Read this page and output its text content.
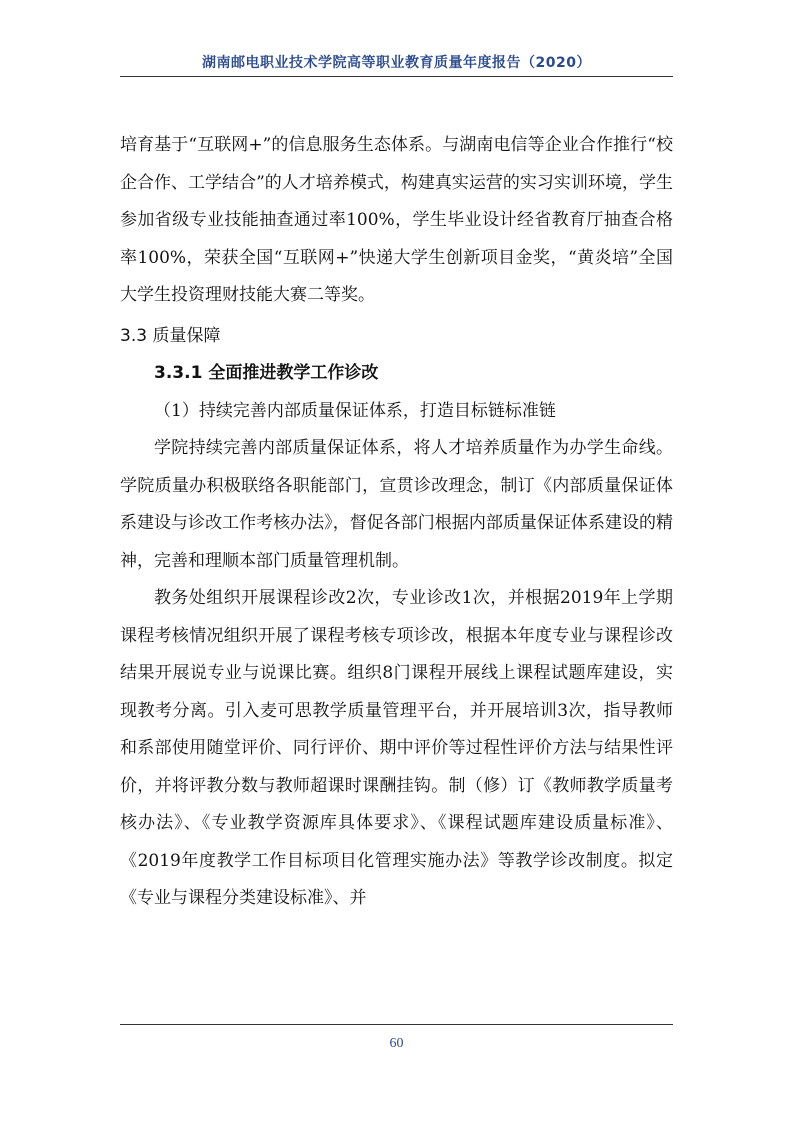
湖南邮电职业技术学院高等职业教育质量年度报告（2020）

培育基于“互联网+”的信息服务生态体系。与湖南电信等企业合作推行“校企合作、工学结合”的人才培养模式，构建真实运营的实习实训环境，学生参加省级专业技能抽查通过率100%，学生毕业设计经省教育厅抽查合格率100%，荣获全国“互联网+”快递大学生创新项目金奖，“黄炎培”全国大学生投资理财技能大赛二等奖。

3.3 质量保障

3.3.1 全面推进教学工作诊改

（1）持续完善内部质量保证体系，打造目标链标准链

学院持续完善内部质量保证体系，将人才培养质量作为办学生命线。学院质量办积极联络各职能部门，宣贯诊改理念，制订《内部质量保证体系建设与诊改工作考核办法》，督促各部门根据内部质量保证体系建设的精神，完善和理顺本部门质量管理机制。

教务处组织开展课程诊改2次，专业诊改1次，并根据2019年上学期课程考核情况组织开展了课程考核专项诊改，根据本年度专业与课程诊改结果开展说专业与说课比赛。组织8门课程开展线上课程试题库建设，实现教考分离。引入麦可思教学质量管理平台，并开展培训3次，指导教师和系部使用随堂评价、同行评价、期中评价等过程性评价方法与结果性评价，并将评教分数与教师超课时课酬挂钩。制（修）订《教师教学质量考核办法》、《专业教学资源库具体要求》、《课程试题库建设质量标准》、《2019年度教学工作目标项目化管理实施办法》等教学诊改制度。拟定《专业与课程分类建设标准》、并

60
